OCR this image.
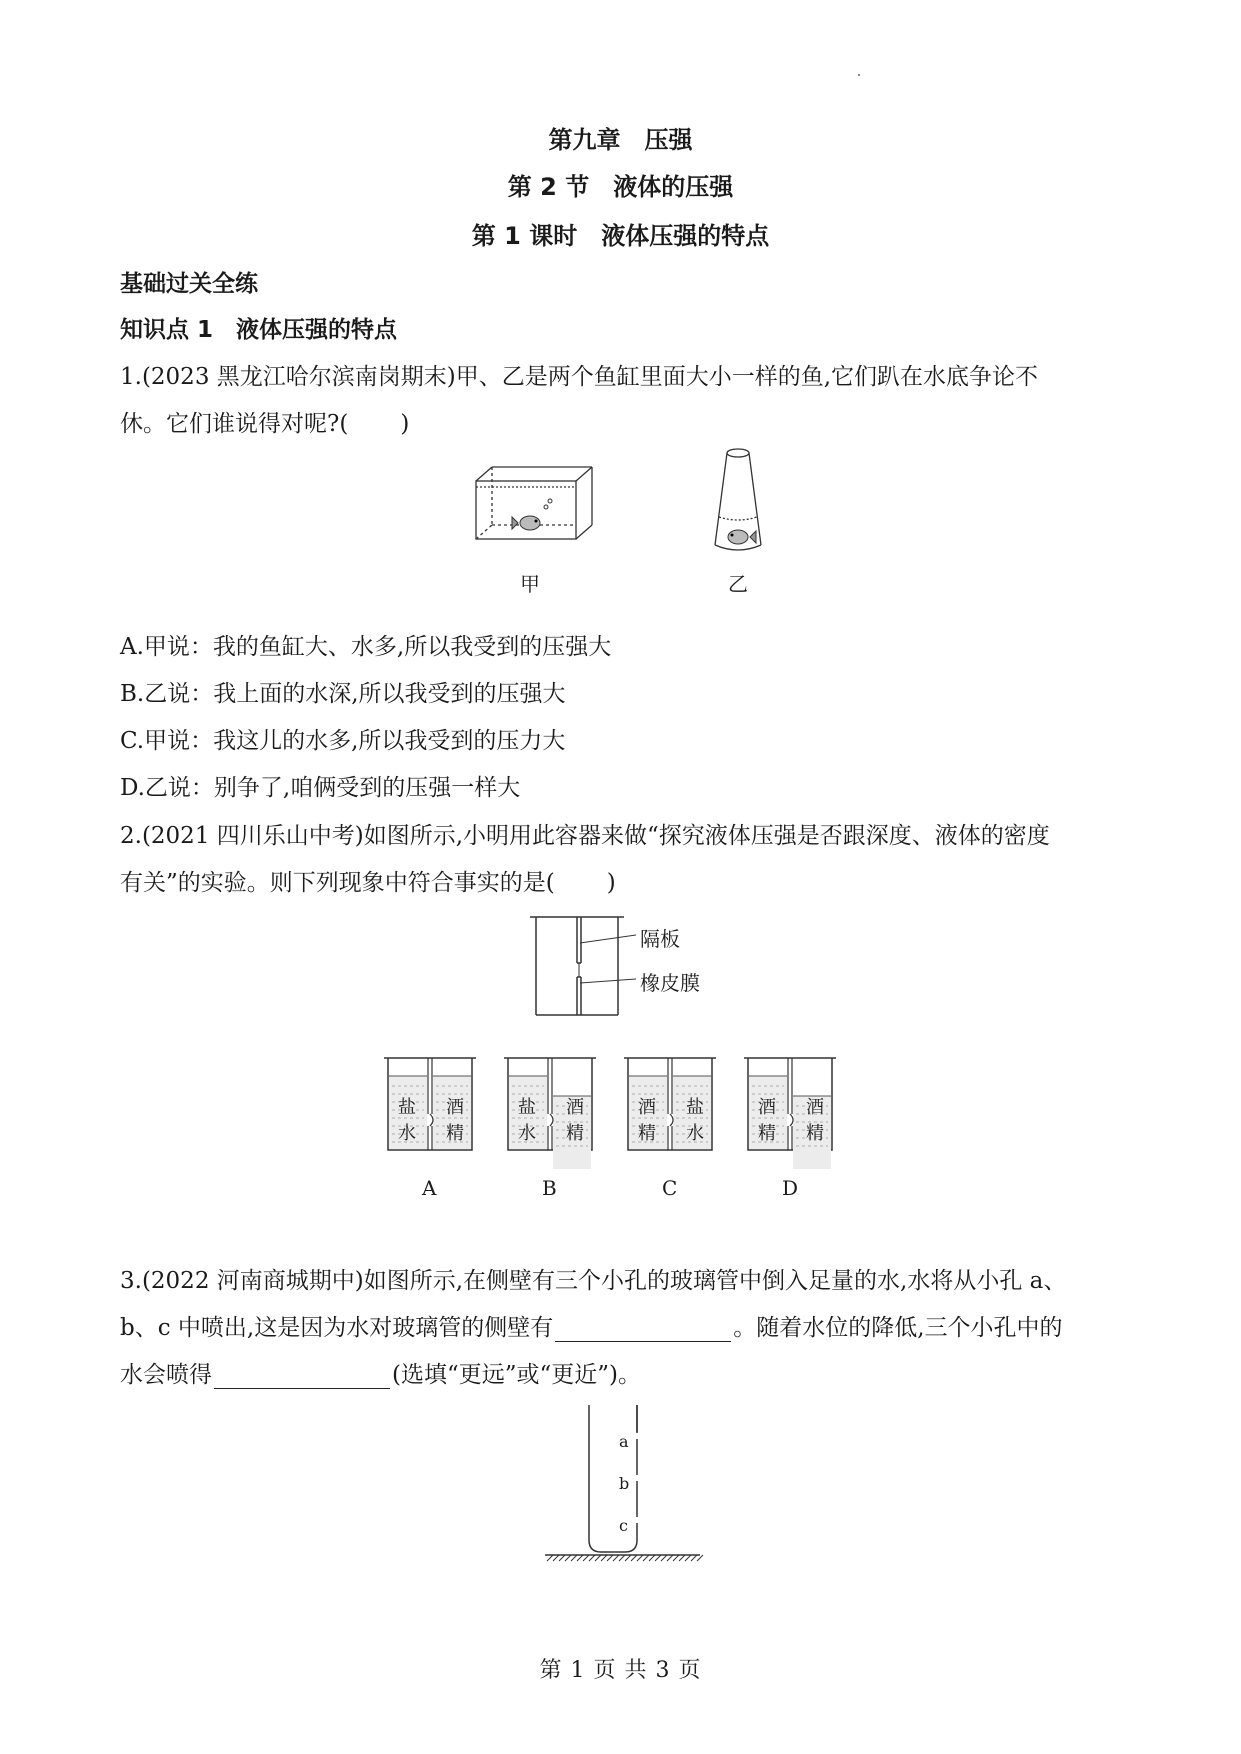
第九章　压强
第 2 节　液体的压强
第 1 课时　液体压强的特点
基础过关全练
知识点 1　液体压强的特点
1.(2023 黑龙江哈尔滨南岗期末)甲、乙是两个鱼缸里面大小一样的鱼,它们趴在水底争论不
休。它们谁说得对呢?( )
甲	乙
A.甲说：我的鱼缸大、水多,所以我受到的压强大
B.乙说：我上面的水深,所以我受到的压强大
C.甲说：我这儿的水多,所以我受到的压力大
D.乙说：别争了,咱俩受到的压强一样大
2.(2021 四川乐山中考)如图所示,小明用此容器来做“探究液体压强是否跟深度、液体的密度
有关”的实验。则下列现象中符合事实的是( )
隔板
橡皮膜
盐
水
酒
精
A
盐
水
酒
精
B
酒
精
盐
水
C
酒
精
酒
精
D
3.(2022 河南商城期中)如图所示,在侧壁有三个小孔的玻璃管中倒入足量的水,水将从小孔 a、
b、c 中喷出,这是因为水对玻璃管的侧壁有	。随着水位的降低,三个小孔中的
水会喷得	(选填“更远”或“更近”)。
a
b
c
第 1 页 共 3 页
